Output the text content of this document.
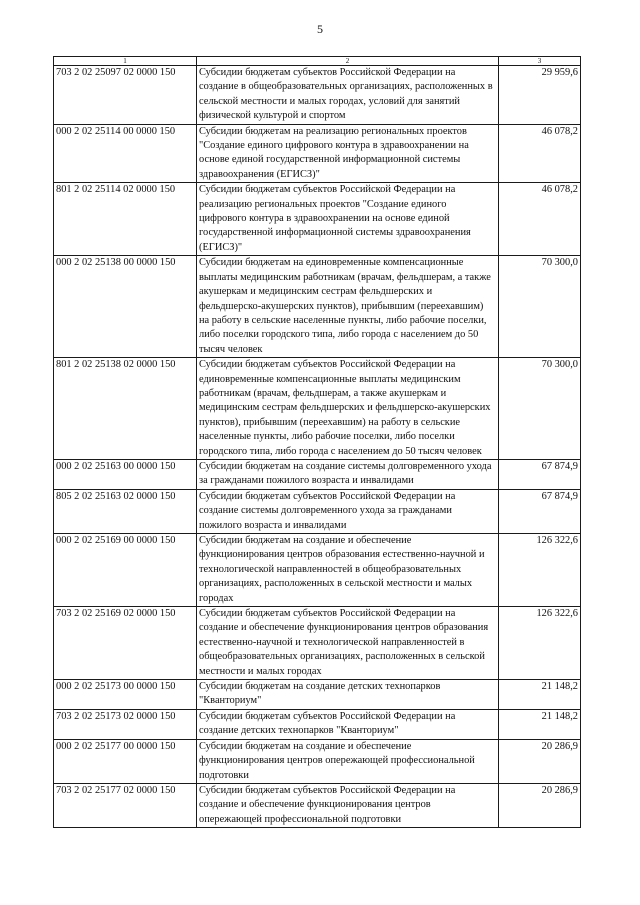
5
1	2	3
703 2 02 25097 02 0000 150	Субсидии бюджетам субъектов Российской Федерации на создание в общеобразовательных организациях, расположенных в сельской местности и малых городах, условий для занятий физической культурой и спортом	29 959,6
000 2 02 25114 00 0000 150	Субсидии бюджетам на реализацию региональных проектов "Создание единого цифрового контура в здравоохранении на основе единой государственной информационной системы здравоохранения (ЕГИСЗ)"	46 078,2
801 2 02 25114 02 0000 150	Субсидии бюджетам субъектов Российской Федерации на реализацию региональных проектов "Создание единого цифрового контура в здравоохранении на основе единой государственной информационной системы здравоохранения (ЕГИСЗ)"	46 078,2
000 2 02 25138 00 0000 150	Субсидии бюджетам на единовременные компенсационные выплаты медицинским работникам (врачам, фельдшерам, а также акушеркам и медицинским сестрам фельдшерских и фельдшерско-акушерских пунктов), прибывшим (переехавшим) на работу в сельские населенные пункты, либо рабочие поселки, либо поселки городского типа, либо города с населением до 50 тысяч человек	70 300,0
801 2 02 25138 02 0000 150	Субсидии бюджетам субъектов Российской Федерации на единовременные компенсационные выплаты медицинским работникам (врачам, фельдшерам, а также акушеркам и медицинским сестрам фельдшерских и фельдшерско-акушерских пунктов), прибывшим (переехавшим) на работу в сельские населенные пункты, либо рабочие поселки, либо поселки городского типа, либо города с населением до 50 тысяч человек	70 300,0
000 2 02 25163 00 0000 150	Субсидии бюджетам на создание системы долговременного ухода за гражданами пожилого возраста и инвалидами	67 874,9
805 2 02 25163 02 0000 150	Субсидии бюджетам субъектов Российской Федерации на создание системы долговременного ухода за гражданами пожилого возраста и инвалидами	67 874,9
000 2 02 25169 00 0000 150	Субсидии бюджетам на создание и обеспечение функционирования центров образования естественно-научной и технологической направленностей в общеобразовательных организациях, расположенных в сельской местности и малых городах	126 322,6
703 2 02 25169 02 0000 150	Субсидии бюджетам субъектов Российской Федерации на создание и обеспечение функционирования центров образования естественно-научной и технологической направленностей в общеобразовательных организациях, расположенных в сельской местности и малых городах	126 322,6
000 2 02 25173 00 0000 150	Субсидии бюджетам на создание детских технопарков "Кванториум"	21 148,2
703 2 02 25173 02 0000 150	Субсидии бюджетам субъектов Российской Федерации на создание детских технопарков "Кванториум"	21 148,2
000 2 02 25177 00 0000 150	Субсидии бюджетам на создание и обеспечение функционирования центров опережающей профессиональной подготовки	20 286,9
703 2 02 25177 02 0000 150	Субсидии бюджетам субъектов Российской Федерации на создание и обеспечение функционирования центров опережающей профессиональной подготовки	20 286,9
